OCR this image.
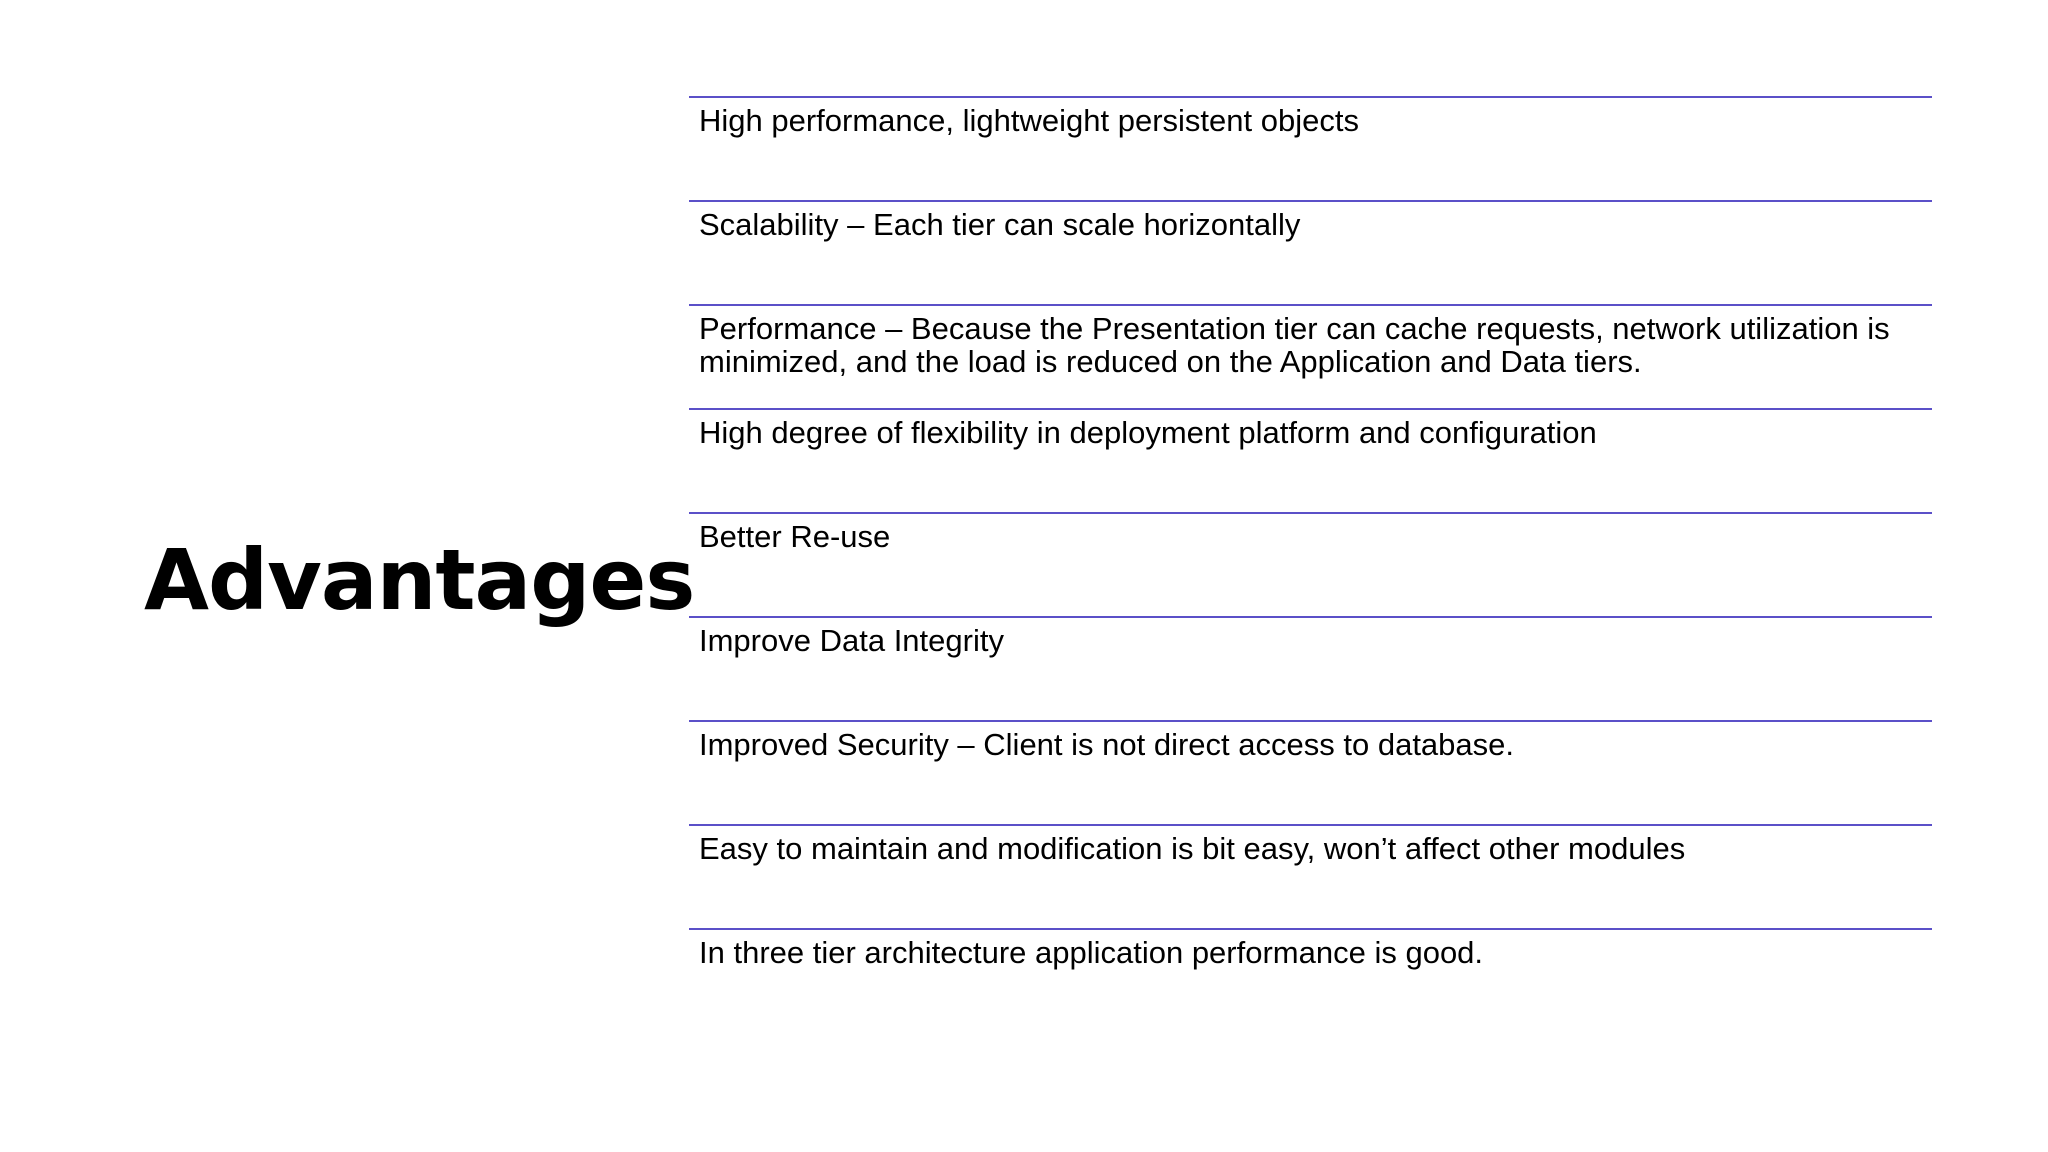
Advantages
High performance, lightweight persistent objects
Scalability – Each tier can scale horizontally
Performance – Because the Presentation tier can cache requests, network utilization is minimized, and the load is reduced on the Application and Data tiers.
High degree of flexibility in deployment platform and configuration
Better Re-use
Improve Data Integrity
Improved Security – Client is not direct access to database.
Easy to maintain and modification is bit easy, won’t affect other modules
In three tier architecture application performance is good.
